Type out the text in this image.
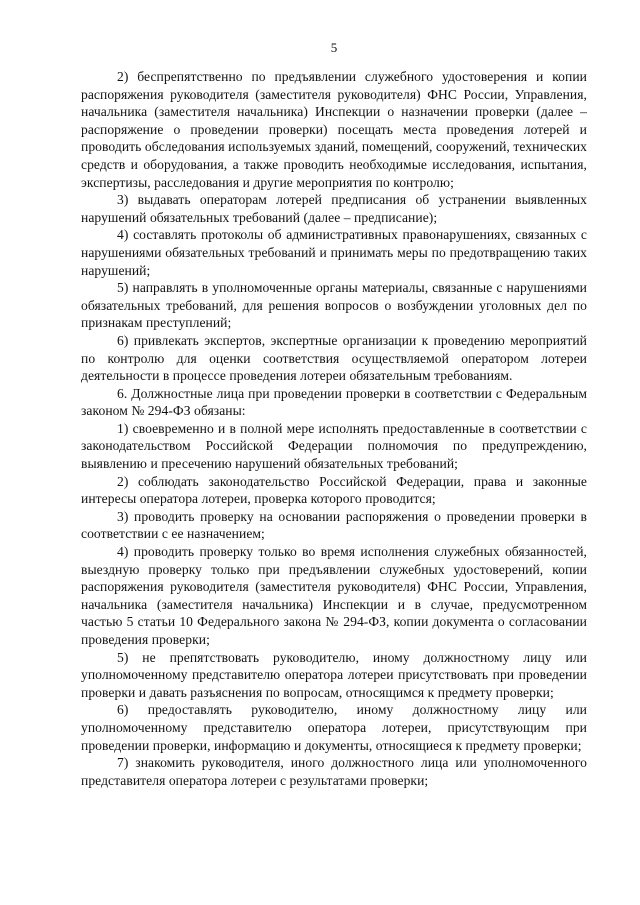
5

2) беспрепятственно по предъявлении служебного удостоверения и копии распоряжения руководителя (заместителя руководителя) ФНС России, Управления, начальника (заместителя начальника) Инспекции о назначении проверки (далее – распоряжение о проведении проверки) посещать места проведения лотерей и проводить обследования используемых зданий, помещений, сооружений, технических средств и оборудования, а также проводить необходимые исследования, испытания, экспертизы, расследования и другие мероприятия по контролю;

3) выдавать операторам лотерей предписания об устранении выявленных нарушений обязательных требований (далее – предписание);

4) составлять протоколы об административных правонарушениях, связанных с нарушениями обязательных требований и принимать меры по предотвращению таких нарушений;

5) направлять в уполномоченные органы материалы, связанные с нарушениями обязательных требований, для решения вопросов о возбуждении уголовных дел по признакам преступлений;

6) привлекать экспертов, экспертные организации к проведению мероприятий по контролю для оценки соответствия осуществляемой оператором лотереи деятельности в процессе проведения лотереи обязательным требованиям.

6. Должностные лица при проведении проверки в соответствии с Федеральным законом № 294-ФЗ обязаны:

1) своевременно и в полной мере исполнять предоставленные в соответствии с законодательством Российской Федерации полномочия по предупреждению, выявлению и пресечению нарушений обязательных требований;

2) соблюдать законодательство Российской Федерации, права и законные интересы оператора лотереи, проверка которого проводится;

3) проводить проверку на основании распоряжения о проведении проверки в соответствии с ее назначением;

4) проводить проверку только во время исполнения служебных обязанностей, выездную проверку только при предъявлении служебных удостоверений, копии распоряжения руководителя (заместителя руководителя) ФНС России, Управления, начальника (заместителя начальника) Инспекции и в случае, предусмотренном частью 5 статьи 10 Федерального закона № 294-ФЗ, копии документа о согласовании проведения проверки;

5) не препятствовать руководителю, иному должностному лицу или уполномоченному представителю оператора лотереи присутствовать при проведении проверки и давать разъяснения по вопросам, относящимся к предмету проверки;

6) предоставлять руководителю, иному должностному лицу или уполномоченному представителю оператора лотереи, присутствующим при проведении проверки, информацию и документы, относящиеся к предмету проверки;

7) знакомить руководителя, иного должностного лица или уполномоченного представителя оператора лотереи с результатами проверки;
